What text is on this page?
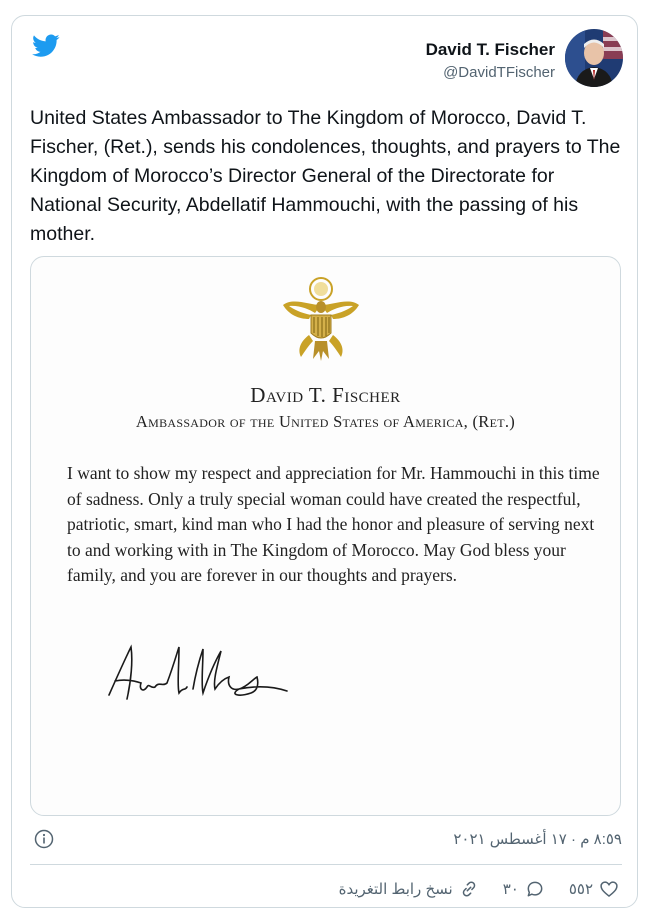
David T. Fischer
@DavidTFischer
United States Ambassador to The Kingdom of Morocco, David T. Fischer, (Ret.), sends his condolences, thoughts, and prayers to The Kingdom of Morocco’s Director General of the Directorate for National Security, Abdellatif Hammouchi, with the passing of his mother.
David T. Fischer
Ambassador of the United States of America, (Ret.)
I want to show my respect and appreciation for Mr. Hammouchi in this time of sadness. Only a truly special woman could have created the respectful, patriotic, smart, kind man who I had the honor and pleasure of serving next to and working with in The Kingdom of Morocco. May God bless your family, and you are forever in our thoughts and prayers.
٨:٥٩ م · ١٧ أغسطس ٢٠٢١
٥٥٢
٣٠
نسخ رابط التغريدة
